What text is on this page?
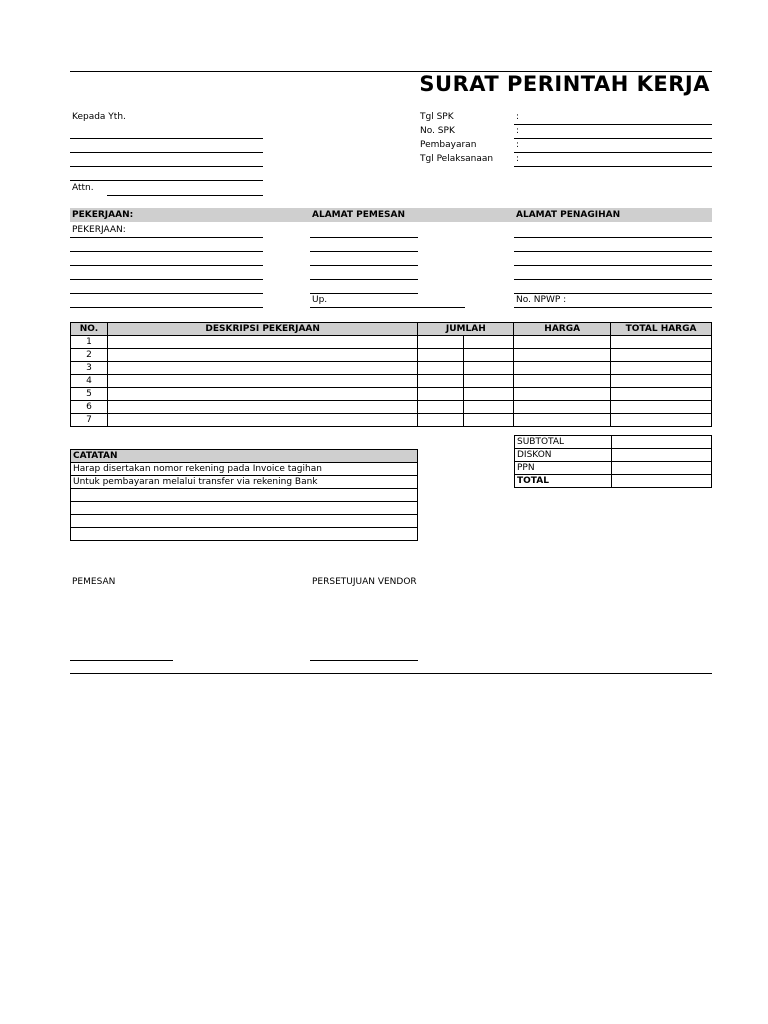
SURAT PERINTAH KERJA
Kepada Yth.
Attn.
Tgl SPK	:
No. SPK	:
Pembayaran	:
Tgl Pelaksanaan	:
PEKERJAAN:	ALAMAT PEMESAN	ALAMAT PENAGIHAN
PEKERJAAN:
Up.	No. NPWP :
NO.	DESKRIPSI PEKERJAAN	JUMLAH		HARGA	TOTAL HARGA
1					
2					
3					
4					
5					
6					
7					
SUBTOTAL	
DISKON	
PPN	
TOTAL	
CATATAN
Harap disertakan nomor rekening pada Invoice tagihan
Untuk pembayaran melalui transfer via rekening Bank

PEMESAN	PERSETUJUAN VENDOR
